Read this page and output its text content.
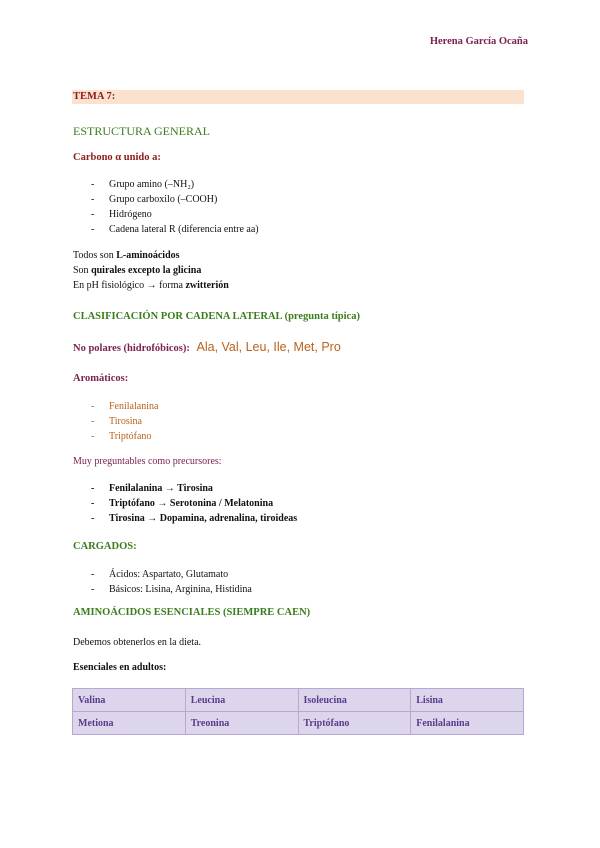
Herena García Ocaña
TEMA 7:
ESTRUCTURA GENERAL
Carbono α unido a:
- Grupo amino (–NH₂)
- Grupo carboxilo (–COOH)
- Hidrógeno
- Cadena lateral R (diferencia entre aa)
Todos son L-aminoácidos
Son quirales excepto la glicina
En pH fisiológico → forma zwitterión
CLASIFICACIÓN POR CADENA LATERAL (pregunta típica)
No polares (hidrofóbicos): Ala, Val, Leu, Ile, Met, Pro
Aromáticos:
- Fenilalanina
- Tirosina
- Triptófano
Muy preguntables como precursores:
- Fenilalanina → Tirosina
- Triptófano → Serotonina / Melatonina
- Tirosina → Dopamina, adrenalina, tiroideas
CARGADOS:
- Ácidos: Aspartato, Glutamato
- Básicos: Lisina, Arginina, Histidina
AMINOÁCIDOS ESENCIALES (SIEMPRE CAEN)
Debemos obtenerlos en la dieta.
Esenciales en adultos:
Valina	Leucina	Isoleucina	Lisina
Metiona	Treonina	Triptófano	Fenilalanina
